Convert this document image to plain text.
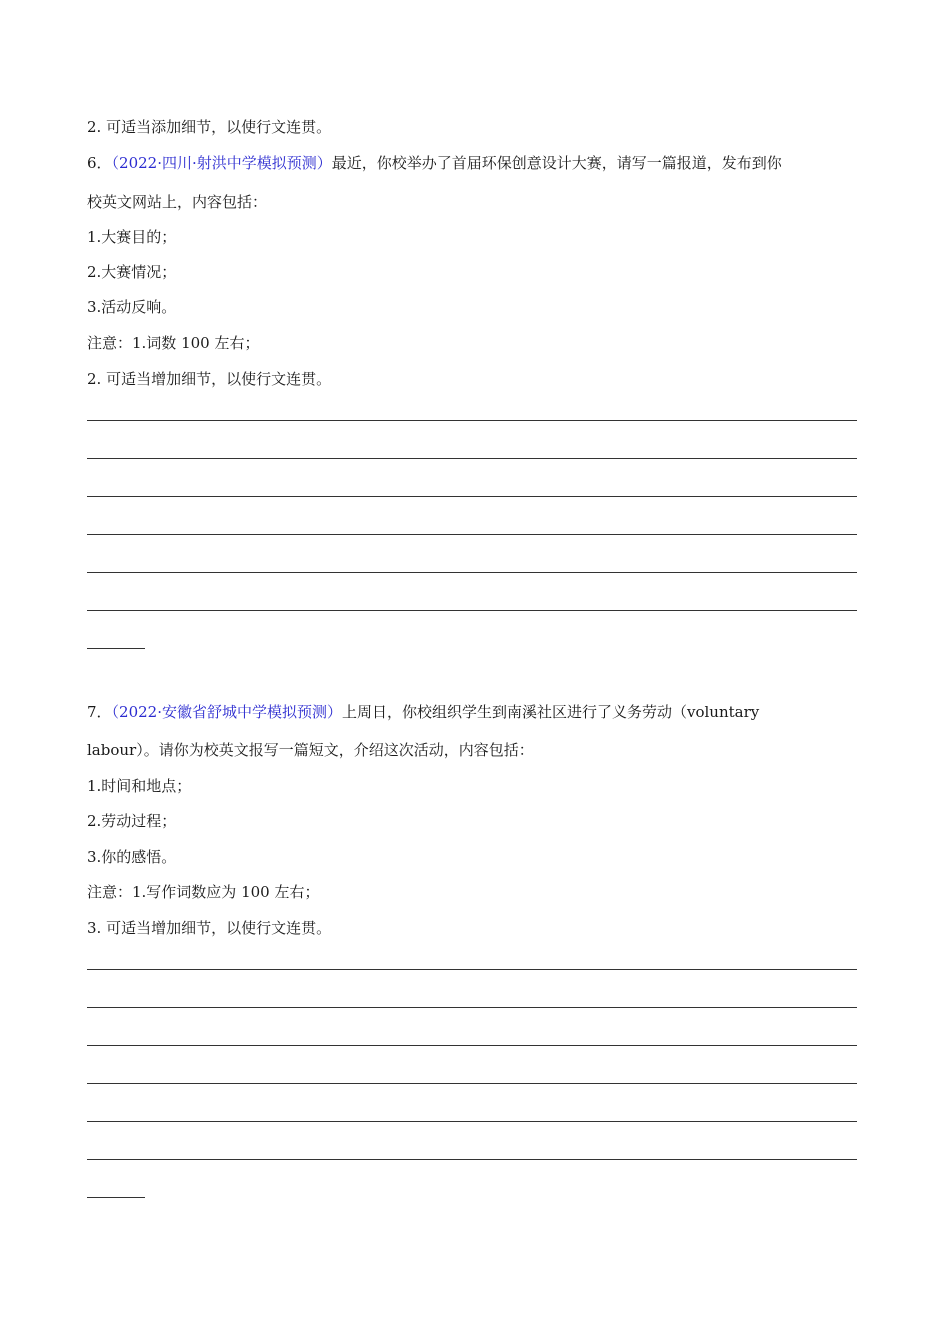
2. 可适当添加细节，以使行文连贯。
6．（2022·四川·射洪中学模拟预测）最近，你校举办了首届环保创意设计大赛，请写一篇报道，发布到你
校英文网站上，内容包括：
1.大赛目的；
2.大赛情况；
3.活动反响。
注意：1.词数 100 左右；
2. 可适当增加细节，以使行文连贯。
7．（2022·安徽省舒城中学模拟预测）上周日，你校组织学生到南溪社区进行了义务劳动（voluntary
labour）。请你为校英文报写一篇短文，介绍这次活动，内容包括：
1.时间和地点；
2.劳动过程；
3.你的感悟。
注意：1.写作词数应为 100 左右；
3. 可适当增加细节，以使行文连贯。
